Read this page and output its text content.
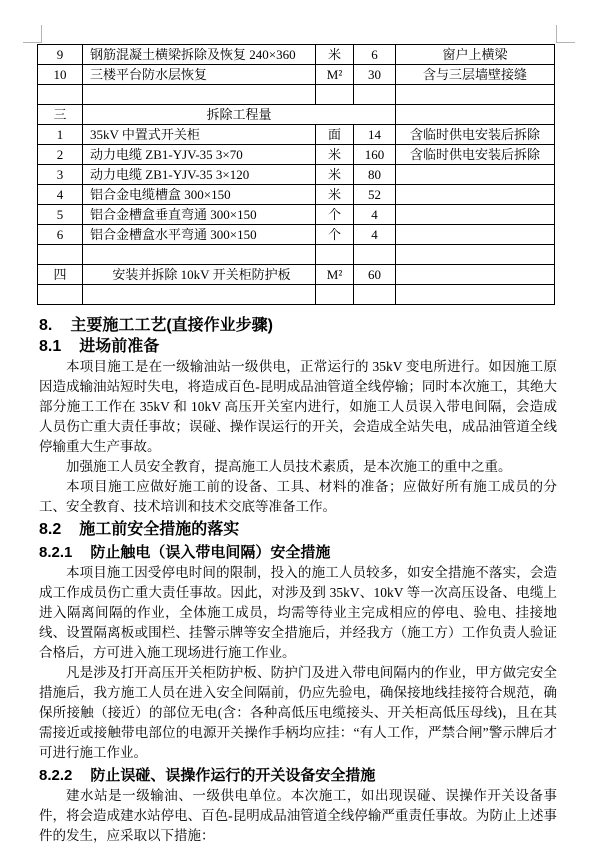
9	钢筋混凝土横梁拆除及恢复 240×360	米	6	窗户上横梁
10	三楼平台防水层恢复	M²	30	含与三层墙壁接缝

三	拆除工程量			
1	35kV 中置式开关柜	面	14	含临时供电安装后拆除
2	动力电缆 ZB1-YJV-35 3×70	米	160	含临时供电安装后拆除
3	动力电缆 ZB1-YJV-35 3×120	米	80	
4	铝合金电缆槽盒 300×150	米	52	
5	铝合金槽盒垂直弯通 300×150	个	4	
6	铝合金槽盒水平弯通 300×150	个	4	

四	安装并拆除 10kV 开关柜防护板	M²	60	

8. 主要施工工艺(直接作业步骤)
8.1 进场前准备

本项目施工是在一级输油站一级供电，正常运行的 35kV 变电所进行。如因施工原因造成输油站短时失电，将造成百色-昆明成品油管道全线停输；同时本次施工，其绝大部分施工工作在 35kV 和 10kV 高压开关室内进行，如施工人员误入带电间隔，会造成人员伤亡重大责任事故；误碰、操作误运行的开关，会造成全站失电，成品油管道全线停输重大生产事故。

加强施工人员安全教育，提高施工人员技术素质，是本次施工的重中之重。

本项目施工应做好施工前的设备、工具、材料的准备；应做好所有施工成员的分工、安全教育、技术培训和技术交底等准备工作。

8.2 施工前安全措施的落实
8.2.1 防止触电（误入带电间隔）安全措施

本项目施工因受停电时间的限制，投入的施工人员较多，如安全措施不落实，会造成工作成员伤亡重大责任事故。因此，对涉及到 35kV、10kV 等一次高压设备、电缆上进入隔离间隔的作业，全体施工成员，均需等待业主完成相应的停电、验电、挂接地线、设置隔离板或围栏、挂警示牌等安全措施后，并经我方（施工方）工作负责人验证合格后，方可进入施工现场进行施工作业。

凡是涉及打开高压开关柜防护板、防护门及进入带电间隔内的作业，甲方做完安全措施后，我方施工人员在进入安全间隔前，仍应先验电，确保接地线挂接符合规范，确保所接触（接近）的部位无电(含：各种高低压电缆接头、开关柜高低压母线)，且在其需接近或接触带电部位的电源开关操作手柄均应挂：“有人工作，严禁合闸”警示牌后才可进行施工作业。

8.2.2 防止误碰、误操作运行的开关设备安全措施

建水站是一级输油、一级供电单位。本次施工，如出现误碰、误操作开关设备事件，将会造成建水站停电、百色-昆明成品油管道全线停输严重责任事故。为防止上述事件的发生，应采取以下措施：
